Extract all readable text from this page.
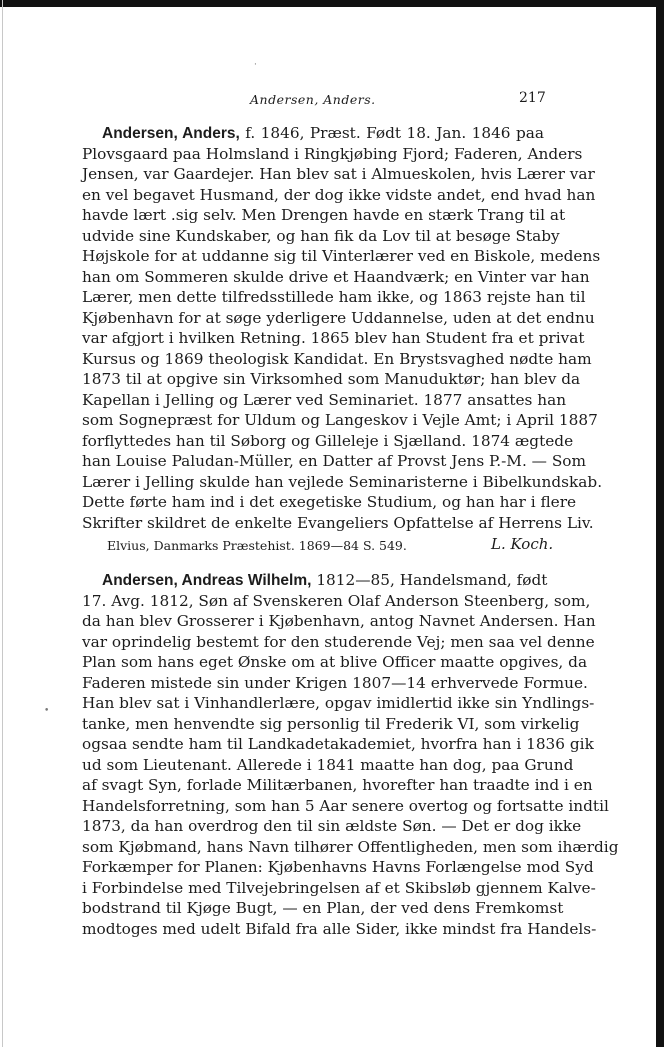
·
•
Andersen, Anders.	217
Andersen, Anders, f. 1846, Præst. Født 18. Jan. 1846 paa
Plovsgaard paa Holmsland i Ringkjøbing Fjord; Faderen, Anders
Jensen, var Gaardejer. Han blev sat i Almueskolen, hvis Lærer var
en vel begavet Husmand, der dog ikke vidste andet, end hvad han
havde lært .sig selv. Men Drengen havde en stærk Trang til at
udvide sine Kundskaber, og han fik da Lov til at besøge Staby
Højskole for at uddanne sig til Vinterlærer ved en Biskole, medens
han om Sommeren skulde drive et Haandværk; en Vinter var han
Lærer, men dette tilfredsstillede ham ikke, og 1863 rejste han til
Kjøbenhavn for at søge yderligere Uddannelse, uden at det endnu
var afgjort i hvilken Retning. 1865 blev han Student fra et privat
Kursus og 1869 theologisk Kandidat. En Brystsvaghed nødte ham
1873 til at opgive sin Virksomhed som Manuduktør; han blev da
Kapellan i Jelling og Lærer ved Seminariet. 1877 ansattes han
som Sognepræst for Uldum og Langeskov i Vejle Amt; i April 1887
forflyttedes han til Søborg og Gilleleje i Sjælland. 1874 ægtede
han Louise Paludan-Müller, en Datter af Provst Jens P.-M. — Som
Lærer i Jelling skulde han vejlede Seminaristerne i Bibelkundskab.
Dette førte ham ind i det exegetiske Studium, og han har i flere
Skrifter skildret de enkelte Evangeliers Opfattelse af Herrens Liv.
Elvius, Danmarks Præstehist. 1869—84 S. 549.	L. Koch.
Andersen, Andreas Wilhelm, 1812—85, Handelsmand, født
17. Avg. 1812, Søn af Svenskeren Olaf Anderson Steenberg, som,
da han blev Grosserer i Kjøbenhavn, antog Navnet Andersen. Han
var oprindelig bestemt for den studerende Vej; men saa vel denne
Plan som hans eget Ønske om at blive Officer maatte opgives, da
Faderen mistede sin under Krigen 1807—14 erhvervede Formue.
Han blev sat i Vinhandlerlære, opgav imidlertid ikke sin Yndlings-
tanke, men henvendte sig personlig til Frederik VI, som virkelig
ogsaa sendte ham til Landkadetakademiet, hvorfra han i 1836 gik
ud som Lieutenant. Allerede i 1841 maatte han dog, paa Grund
af svagt Syn, forlade Militærbanen, hvorefter han traadte ind i en
Handelsforretning, som han 5 Aar senere overtog og fortsatte indtil
1873, da han overdrog den til sin ældste Søn. — Det er dog ikke
som Kjøbmand, hans Navn tilhører Offentligheden, men som ihærdig
Forkæmper for Planen: Kjøbenhavns Havns Forlængelse mod Syd
i Forbindelse med Tilvejebringelsen af et Skibsløb gjennem Kalve-
bodstrand til Kjøge Bugt, — en Plan, der ved dens Fremkomst
modtoges med udelt Bifald fra alle Sider, ikke mindst fra Handels-
